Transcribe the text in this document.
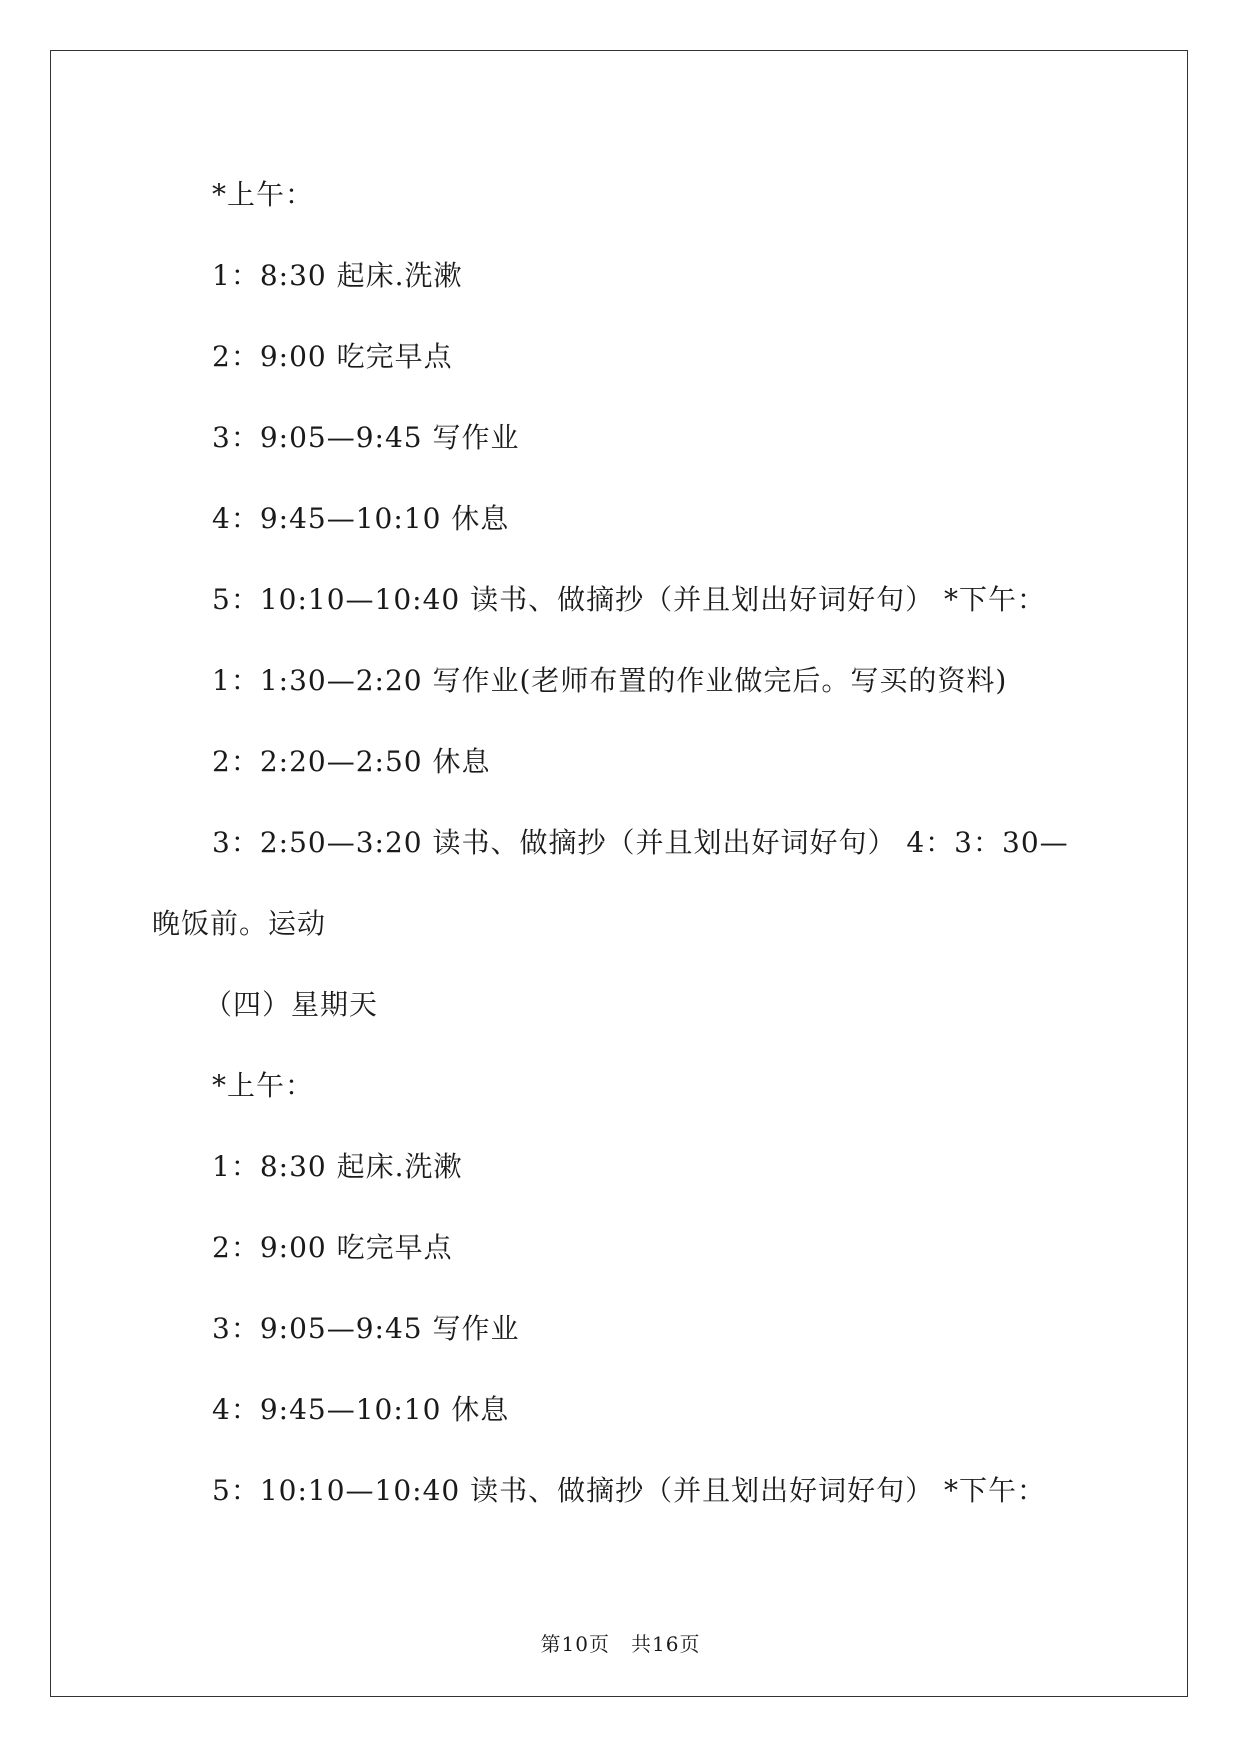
*上午：
1：8:30 起床.洗漱
2：9:00 吃完早点
3：9:05—9:45 写作业
4：9:45—10:10 休息
5：10:10—10:40 读书、做摘抄（并且划出好词好句） *下午：
1：1:30—2:20 写作业(老师布置的作业做完后。写买的资料)
2：2:20—2:50 休息
3：2:50—3:20 读书、做摘抄（并且划出好词好句） 4：3：30—
晚饭前。运动
（四）星期天
*上午：
1：8:30 起床.洗漱
2：9:00 吃完早点
3：9:05—9:45 写作业
4：9:45—10:10 休息
5：10:10—10:40 读书、做摘抄（并且划出好词好句） *下午：
第10页　共16页
